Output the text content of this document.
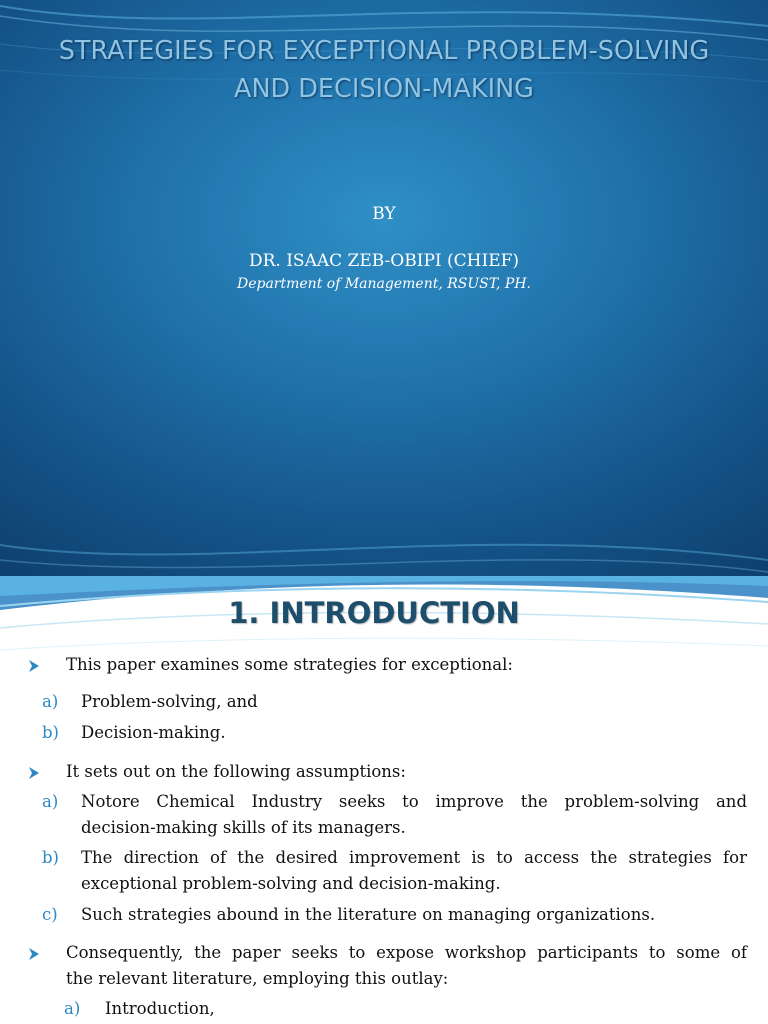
STRATEGIES FOR EXCEPTIONAL PROBLEM-SOLVING AND DECISION-MAKING
BY
DR. ISAAC ZEB-OBIPI (CHIEF)
Department of Management, RSUST, PH.
1. INTRODUCTION
This paper examines some strategies for exceptional:
a) Problem-solving, and
b) Decision-making.
It sets out on the following assumptions:
a) Notore Chemical Industry seeks to improve the problem-solving and
decision-making skills of its managers.
b) The direction of the desired improvement is to access the strategies for
exceptional problem-solving and decision-making.
c) Such strategies abound in the literature on managing organizations.
Consequently, the paper seeks to expose workshop participants to some of
the relevant literature, employing this outlay:
a) Introduction,
